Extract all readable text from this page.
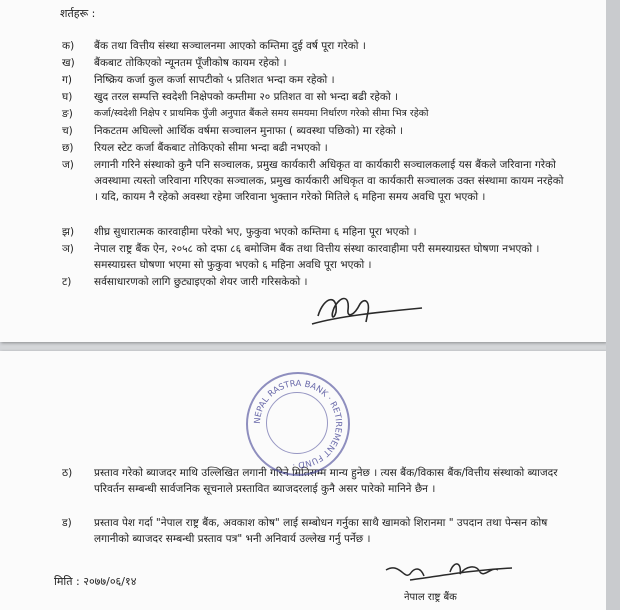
शर्तहरू :
क)	बैंक तथा वित्तीय संस्था सञ्चालनमा आएको कम्तिमा दुई वर्ष पूरा गरेको ।
ख)	बैंकबाट तोकिएको न्यूनतम पूँजीकोष कायम रहेको ।
ग)	निष्क्रिय कर्जा कुल कर्जा सापटीको ५ प्रतिशत भन्दा कम रहेको ।
घ)	खुद तरल सम्पत्ति स्वदेशी निक्षेपको कम्तीमा २० प्रतिशत वा सो भन्दा बढी रहेको ।
ङ)	कर्जा/स्वदेशी निक्षेप र प्राथमिक पुँजी अनुपात बैंकले समय समयमा निर्धारण गरेको सीमा भित्र रहेको
च)	निकटतम अघिल्लो आर्थिक वर्षमा सञ्चालन मुनाफा ( ब्यवस्था पछिको) मा रहेको ।
छ)	रियल स्टेट कर्जा बैंकबाट तोकिएको सीमा भन्दा बढी नभएको ।
ज)	लगानी गरिने संस्थाको कुनै पनि सञ्चालक, प्रमुख कार्यकारी अधिकृत वा कार्यकारी सञ्चालकलाई यस बैंकले जरिवाना गरेको अवस्थामा त्यस्तो जरिवाना गरिएका सञ्चालक, प्रमुख कार्यकारी अधिकृत वा कार्यकारी सञ्चालक उक्त संस्थामा कायम नरहेको । यदि, कायम नै रहेको अवस्था रहेमा जरिवाना भुक्तान गरेको मितिले ६ महिना समय अवधि पूरा भएको ।
झ)	शीघ्र सुधारात्मक कारवाहीमा परेको भए, फुकुवा भएको कम्तिमा ६ महिना पूरा भएको ।
ञ)	नेपाल राष्ट्र बैंक ऐन, २०५८ को दफा ८६ बमोजिम बैंक तथा वित्तीय संस्था कारवाहीमा परी समस्याग्रस्त घोषणा नभएको । समस्याग्रस्त घोषणा भएमा सो फुकुवा भएको ६ महिना अवधि पूरा भएको ।
ट)	सर्वसाधारणको लागि छुट्याइएको शेयर जारी गरिसकेको ।
ठ)	प्रस्ताव गरेको ब्याजदर माथि उल्लिखित लगानी गरिने मितिसम्म मान्य हुनेछ । त्यस बैंक/विकास बैंक/वित्तीय संस्थाको ब्याजदर परिवर्तन सम्बन्धी सार्वजनिक सूचनाले प्रस्तावित ब्याजदरलाई कुनै असर पारेको मानिने छैन ।
ड)	प्रस्ताव पेश गर्दा "नेपाल राष्ट्र बैंक, अवकाश कोष" लाई सम्बोधन गर्नुका साथै खामको शिरानमा " उपदान तथा पेन्सन कोष लगानीको ब्याजदर सम्बन्धी प्रस्ताव पत्र" भनी अनिवार्य उल्लेख गर्नु पर्नेछ ।
NEPAL RASTRA BANK · RETIREMENT FUND ·
मिति : २०७७/०६/१४
नेपाल राष्ट्र बैंक
